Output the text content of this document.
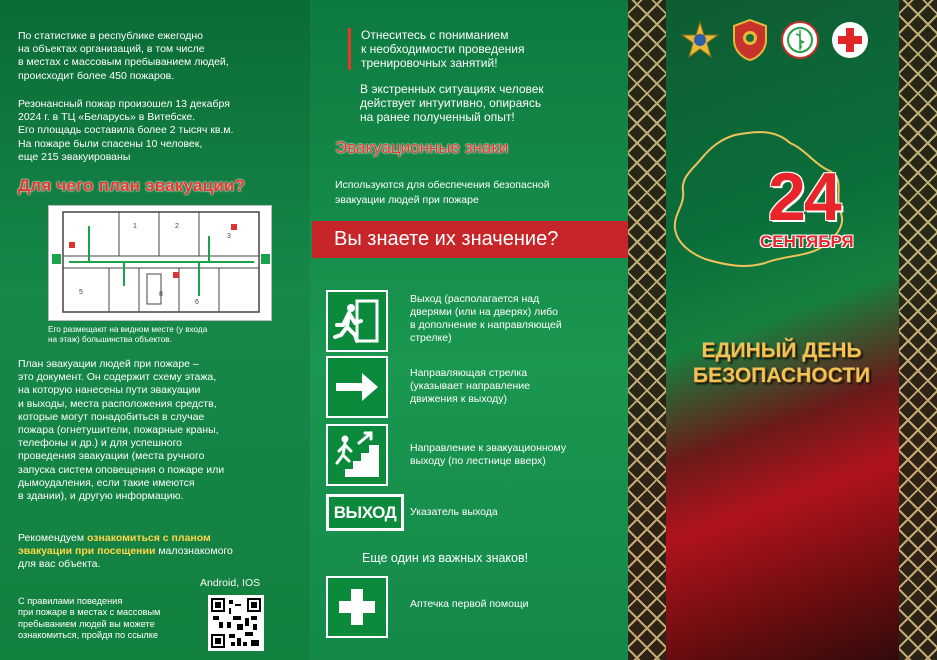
По статистике в республике ежегодно
на объектах организаций, в том числе
в местах с массовым пребыванием людей,
происходит более 450 пожаров.
Резонансный пожар произошел 13 декабря
2024 г. в ТЦ «Беларусь» в Витебске.
Его площадь составила более 2 тысяч кв.м.
На пожаре были спасены 10 человек,
еще 215 эвакуированы
Для чего план эвакуации?
1	2
3
5	8
6
Его размещают на видном месте (у входа
на этаж) большинства объектов.
План эвакуации людей при пожаре –
это документ. Он содержит схему этажа,
на которую нанесены пути эвакуации
и выходы, места расположения средств,
которые могут понадобиться в случае
пожара (огнетушители, пожарные краны,
телефоны и др.) и для успешного
проведения эвакуации (места ручного
запуска систем оповещения о пожаре или
дымоудаления, если такие имеются
в здании), и другую информацию.
Рекомендуем ознакомиться с планом
эвакуации при посещении малознакомого
для вас объекта.
Android, IOS
С правилами поведения
при пожаре в местах с массовым
пребыванием людей вы можете
ознакомиться, пройдя по ссылке
Отнеситесь с пониманием
к необходимости проведения
тренировочных занятий!
В экстренных ситуациях человек
действует интуитивно, опираясь
на ранее полученный опыт!
Эвакуационные знаки
Используются для обеспечения безопасной
эвакуации людей при пожаре
Вы знаете их значение?
Выход (располагается над
дверями (или на дверях) либо
в дополнение к направляющей
стрелке)
Направляющая стрелка
(указывает направление
движения к выходу)
Направление к эвакуационному
выходу (по лестнице вверх)
ВЫХОД	Указатель выхода
Еще один из важных знаков!
Аптечка первой помощи
24
СЕНТЯБРЯ
ЕДИНЫЙ ДЕНЬ
БЕЗОПАСНОСТИ
